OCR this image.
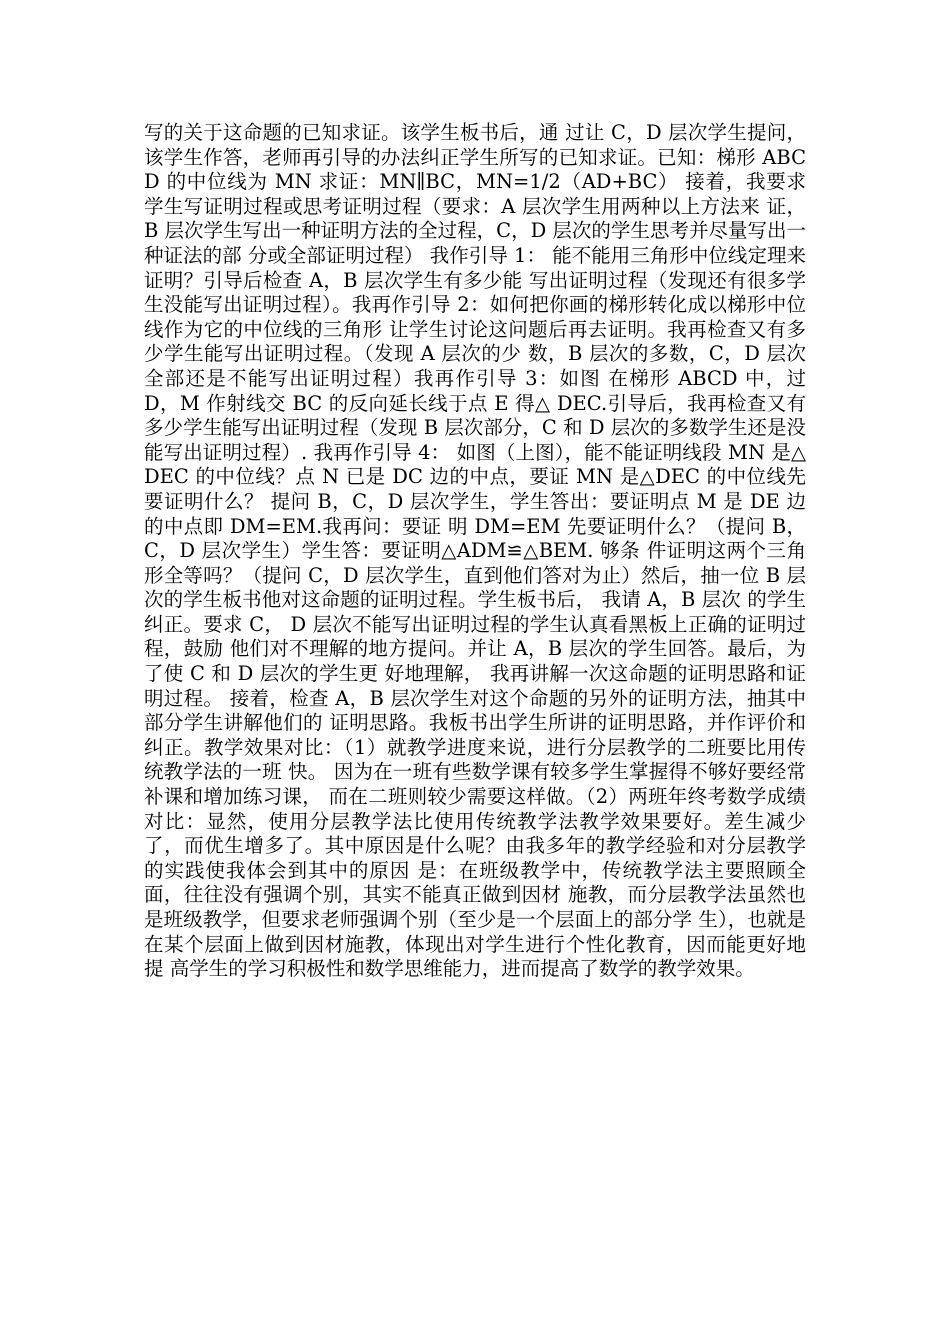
写的关于这命题的已知求证。该学生板书后，通 过让 C，D 层次学生提问，该学生作答，老师再引导的办法纠正学生所写的已知求证。已知：梯形 ABCD 的中位线为 MN 求证：MN∥BC，MN=1/2（AD+BC） 接着，我要求学生写证明过程或思考证明过程（要求：A 层次学生用两种以上方法来 证，B 层次学生写出一种证明方法的全过程，C，D 层次的学生思考并尽量写出一种证法的部 分或全部证明过程） 我作引导 1： 能不能用三角形中位线定理来证明？引导后检查 A，B 层次学生有多少能 写出证明过程（发现还有很多学生没能写出证明过程）。我再作引导 2：如何把你画的梯形转化成以梯形中位线作为它的中位线的三角形 让学生讨论这问题后再去证明。我再检查又有多少学生能写出证明过程。（发现 A 层次的少 数，B 层次的多数，C，D 层次全部还是不能写出证明过程）我再作引导 3：如图 在梯形 ABCD 中，过 D，M 作射线交 BC 的反向延长线于点 E 得△ DEC.引导后，我再检查又有多少学生能写出证明过程（发现 B 层次部分，C 和 D 层次的多数学生还是没能写出证明过程）. 我再作引导 4： 如图（上图），能不能证明线段 MN 是△DEC 的中位线？点 N 已是 DC 边的中点，要证 MN 是△DEC 的中位线先要证明什么？ 提问 B，C，D 层次学生，学生答出：要证明点 M 是 DE 边的中点即 DM=EM.我再问：要证 明 DM=EM 先要证明什么？（提问 B，C，D 层次学生）学生答：要证明△ADM≌△BEM. 够条 件证明这两个三角形全等吗？（提问 C，D 层次学生，直到他们答对为止）然后，抽一位 B 层次的学生板书他对这命题的证明过程。学生板书后， 我请 A，B 层次 的学生纠正。要求 C， D 层次不能写出证明过程的学生认真看黑板上正确的证明过程，鼓励 他们对不理解的地方提问。并让 A，B 层次的学生回答。最后，为了使 C 和 D 层次的学生更 好地理解， 我再讲解一次这命题的证明思路和证明过程。 接着，检查 A，B 层次学生对这个命题的另外的证明方法，抽其中部分学生讲解他们的 证明思路。我板书出学生所讲的证明思路，并作评价和纠正。教学效果对比：（1）就教学进度来说，进行分层教学的二班要比用传统教学法的一班 快。 因为在一班有些数学课有较多学生掌握得不够好要经常补课和增加练习课， 而在二班则较少需要这样做。（2）两班年终考数学成绩对比：显然，使用分层教学法比使用传统教学法教学效果要好。差生减少了，而优生增多了。其中原因是什么呢？由我多年的教学经验和对分层教学的实践使我体会到其中的原因 是：在班级教学中，传统教学法主要照顾全面，往往没有强调个别，其实不能真正做到因材 施教，而分层教学法虽然也是班级教学，但要求老师强调个别（至少是一个层面上的部分学 生），也就是在某个层面上做到因材施教，体现出对学生进行个性化教育，因而能更好地提 高学生的学习积极性和数学思维能力，进而提高了数学的教学效果。
